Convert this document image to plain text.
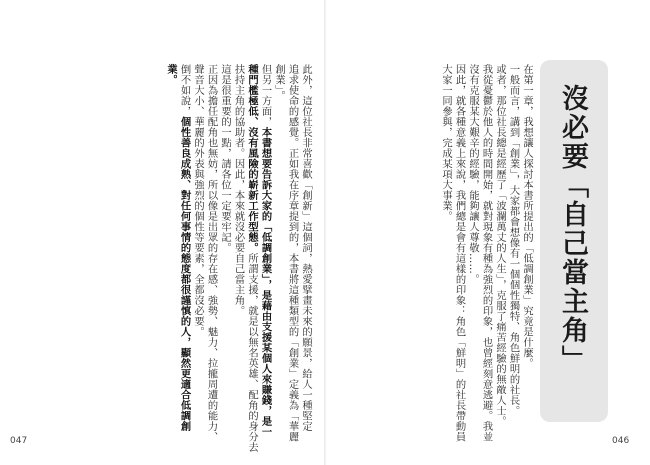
沒必要「自己當主角」
在第一章，我想讓人探討本書所提出的「低調創業」究竟是什麼。
一般而言，講到「創業」，大家都會想像有一個個性獨特、角色鮮明的社長。
或者，那位社長總是經歷了「波瀾萬丈的人生」，克服了痛苦經驗的無敵人士。
我從憂鬱於他人的時間開始，就對現象有種為強烈的印象，也曾經刻意逃避。我並
沒有克服某大艱辛的經驗，能夠讓人尊敬……。
因此，就各種意義上來說，我們總是會有這樣的印象：角色「鮮明」的社長帶動員
大家一同參與，完成某項大事業。
046
此外，這位社長非常喜歡「創新」這個詞，熱愛擘畫未來的願景，給人一種堅定
追求使命的感覺。正如我在序章提到的，本書將這種類型的「創業」定義為「華麗
創業」。
但另一方面，本書想要告訴大家的「低調創業」，是藉由支援某個人來賺錢，是一
種門檻極低、沒有風險的嶄新工作型態。所謂支援，就是以無名英雄、配角的身分去
扶持主角的協助者。因此，本來就沒必要自己當主角。
這是很重要的一點，請各位一定要牢記。
正因為擔任配角也無妨，所以像是出眾的存在感、強勢、魅力、拉攏周遭的能力、
聲音大小、華麗的外表與強烈的個性等要素，全都沒必要。
倒不如說，個性善良成熟、對任何事情的態度都很謹慎的人，顯然更適合低調創
業。
047
